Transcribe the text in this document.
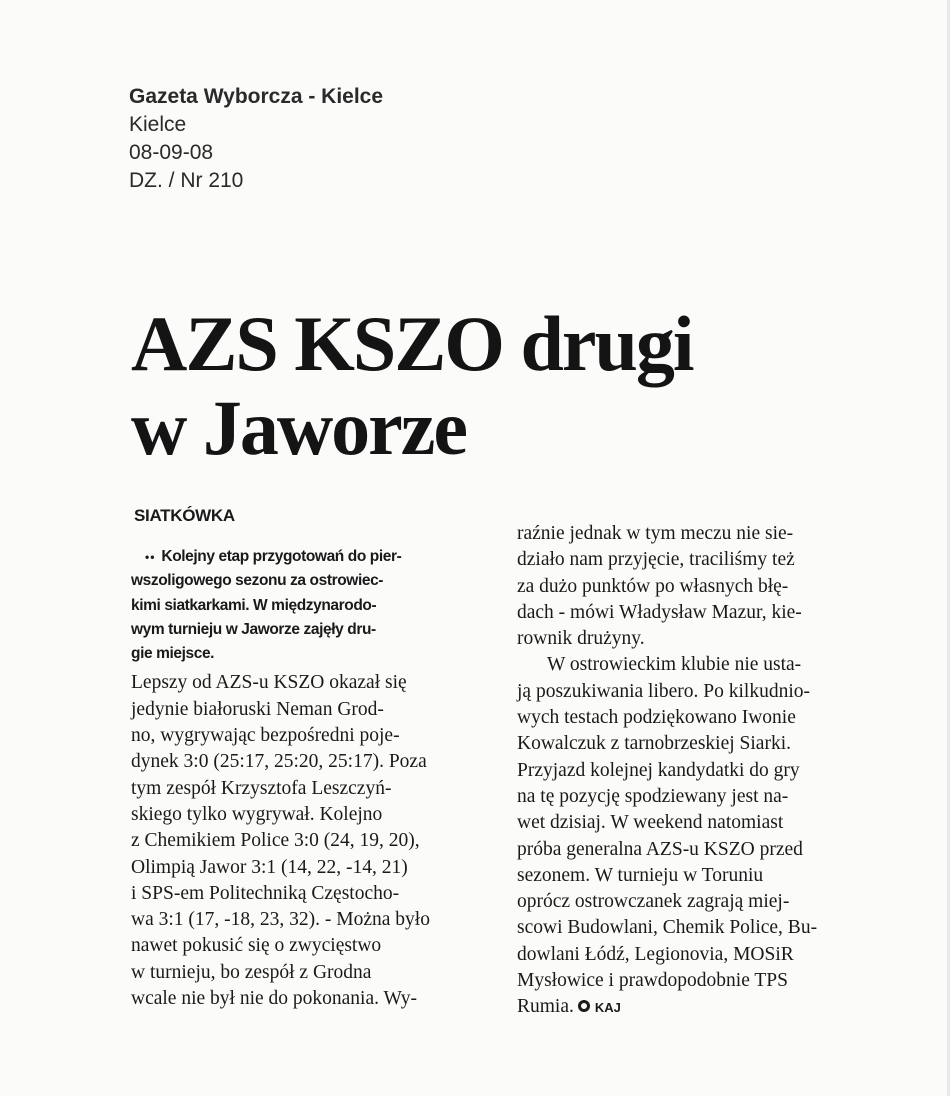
Gazeta Wyborcza - Kielce
Kielce
08-09-08
DZ. / Nr 210
AZS KSZO drugi
w Jaworze
SIATKÓWKA
•• Kolejny etap przygotowań do pier-
wszoligowego sezonu za ostrowiec-
kimi siatkarkami. W międzynarodo-
wym turnieju w Jaworze zajęły dru-
gie miejsce.
Lepszy od AZS-u KSZO okazał się
jedynie białoruski Neman Grod-
no, wygrywając bezpośredni poje-
dynek 3:0 (25:17, 25:20, 25:17). Poza
tym zespół Krzysztofa Leszczyń-
skiego tylko wygrywał. Kolejno
z Chemikiem Police 3:0 (24, 19, 20),
Olimpią Jawor 3:1 (14, 22, -14, 21)
i SPS-em Politechniką Częstocho-
wa 3:1 (17, -18, 23, 32). - Można było
nawet pokusić się o zwycięstwo
w turnieju, bo zespół z Grodna
wcale nie był nie do pokonania. Wy-
raźnie jednak w tym meczu nie sie-
działo nam przyjęcie, traciliśmy też
za dużo punktów po własnych błę-
dach - mówi Władysław Mazur, kie-
rownik drużyny.
W ostrowieckim klubie nie usta-
ją poszukiwania libero. Po kilkudnio-
wych testach podziękowano Iwonie
Kowalczuk z tarnobrzeskiej Siarki.
Przyjazd kolejnej kandydatki do gry
na tę pozycję spodziewany jest na-
wet dzisiaj. W weekend natomiast
próba generalna AZS-u KSZO przed
sezonem. W turnieju w Toruniu
oprócz ostrowczanek zagrają miej-
scowi Budowlani, Chemik Police, Bu-
dowlani Łódź, Legionovia, MOSiR
Mysłowice i prawdopodobnie TPS
Rumia. KAJ
